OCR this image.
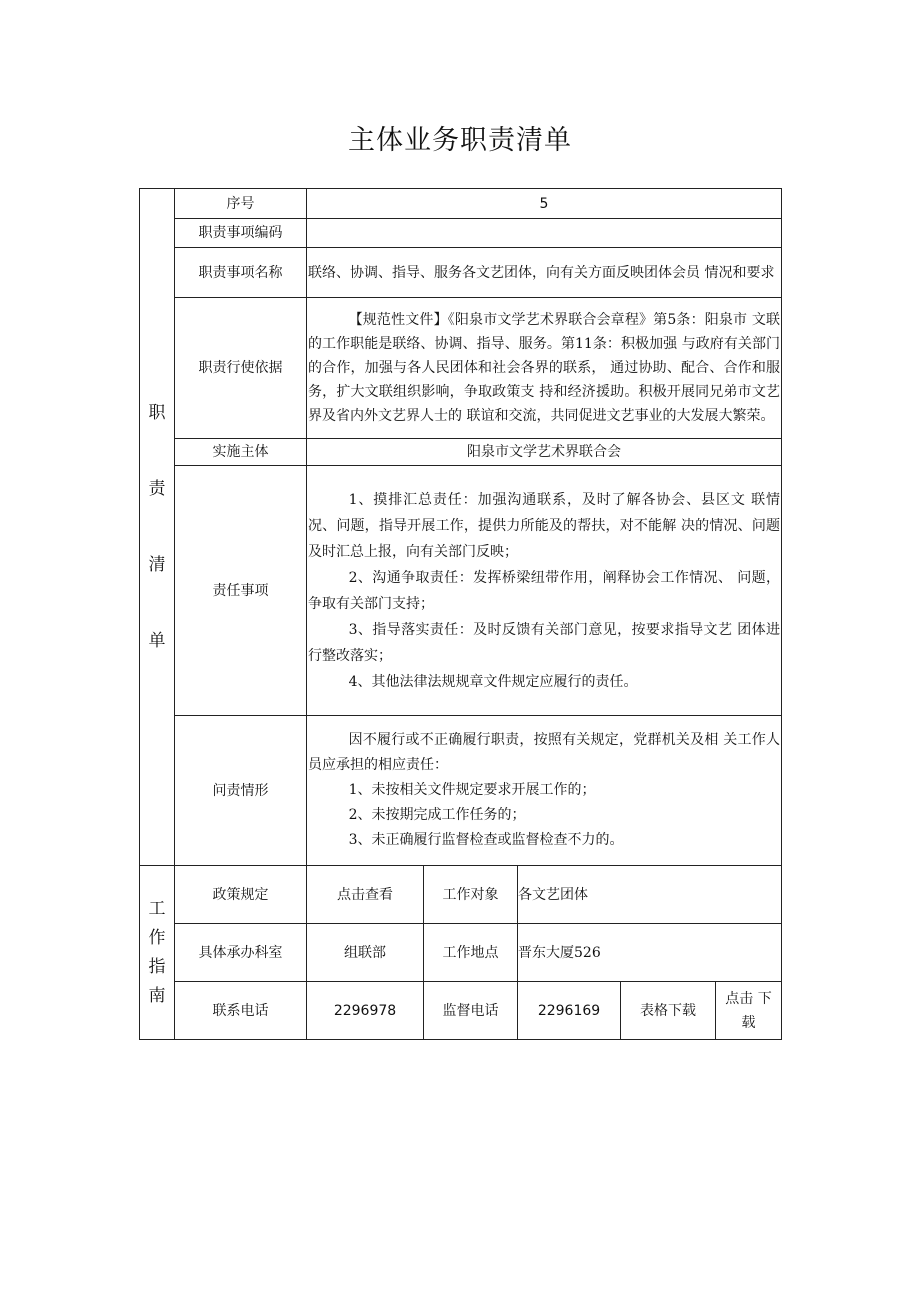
主体业务职责清单
职
责
清
单	序号	5				
	职责事项编码					
	职责事项名称	联络、协调、指导、服务各文艺团体，向有关方面反映团体会员 情况和要求				
	职责行使依据	【规范性文件】《阳泉市文学艺术界联合会章程》第5条：阳泉市 文联的工作职能是联络、协调、指导、服务。第11条：积极加强 与政府有关部门的合作，加强与各人民团体和社会各界的联系， 通过协助、配合、合作和服务，扩大文联组织影响，争取政策支 持和经济援助。积极开展同兄弟市文艺界及省内外文艺界人士的 联谊和交流，共同促进文艺事业的大发展大繁荣。				
	实施主体	阳泉市文学艺术界联合会				
	责任事项	1、摸排汇总责任：加强沟通联系，及时了解各协会、县区文 联情况、问题，指导开展工作，提供力所能及的帮扶，对不能解 决的情况、问题及时汇总上报，向有关部门反映；
2、沟通争取责任：发挥桥梁纽带作用，阐释协会工作情况、 问题，争取有关部门支持；
3、指导落实责任：及时反馈有关部门意见，按要求指导文艺 团体进行整改落实；
4、其他法律法规规章文件规定应履行的责任。				

	问责情形	因不履行或不正确履行职责，按照有关规定，党群机关及相 关工作人员应承担的相应责任：
1、未按相关文件规定要求开展工作的；
2、未按期完成工作任务的；
3、未正确履行监督检查或监督检查不力的。				

工
作
指
南	政策规定	点击查看	工作对象	各文艺团体		
	具体承办科室	组联部	工作地点	晋东大厦526		
	联系电话	2296978	监督电话	2296169	表格下载	点击 下载
